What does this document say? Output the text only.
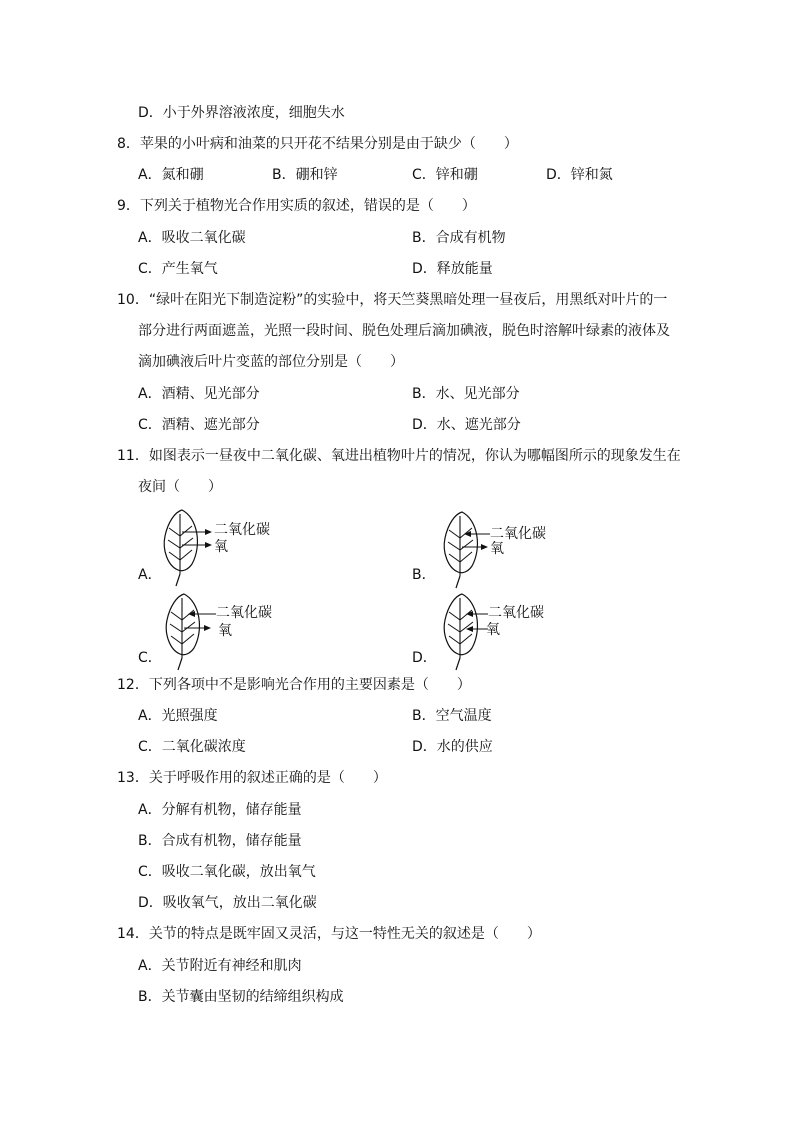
D．小于外界溶液浓度，细胞失水
8．苹果的小叶病和油菜的只开花不结果分别是由于缺少（　　）
A．氮和硼	B．硼和锌	C．锌和硼	D．锌和氮
9．下列关于植物光合作用实质的叙述，错误的是（　　）
A．吸收二氧化碳	B．合成有机物
C．产生氧气	D．释放能量
10．“绿叶在阳光下制造淀粉”的实验中，将天竺葵黑暗处理一昼夜后，用黑纸对叶片的一
部分进行两面遮盖，光照一段时间、脱色处理后滴加碘液，脱色时溶解叶绿素的液体及
滴加碘液后叶片变蓝的部位分别是（　　）
A．酒精、见光部分	B．水、见光部分
C．酒精、遮光部分	D．水、遮光部分
11．如图表示一昼夜中二氧化碳、氧进出植物叶片的情况，你认为哪幅图所示的现象发生在
夜间（　　）
A．
二氧化碳
氧
B．
二氧化碳
氧
C．
二氧化碳
氧
D．
二氧化碳
氧
12．下列各项中不是影响光合作用的主要因素是（　　）
A．光照强度	B．空气温度
C．二氧化碳浓度	D．水的供应
13．关于呼吸作用的叙述正确的是（　　）
A．分解有机物，储存能量
B．合成有机物，储存能量
C．吸收二氧化碳，放出氧气
D．吸收氧气，放出二氧化碳
14．关节的特点是既牢固又灵活，与这一特性无关的叙述是（　　）
A．关节附近有神经和肌肉
B．关节囊由坚韧的结缔组织构成
